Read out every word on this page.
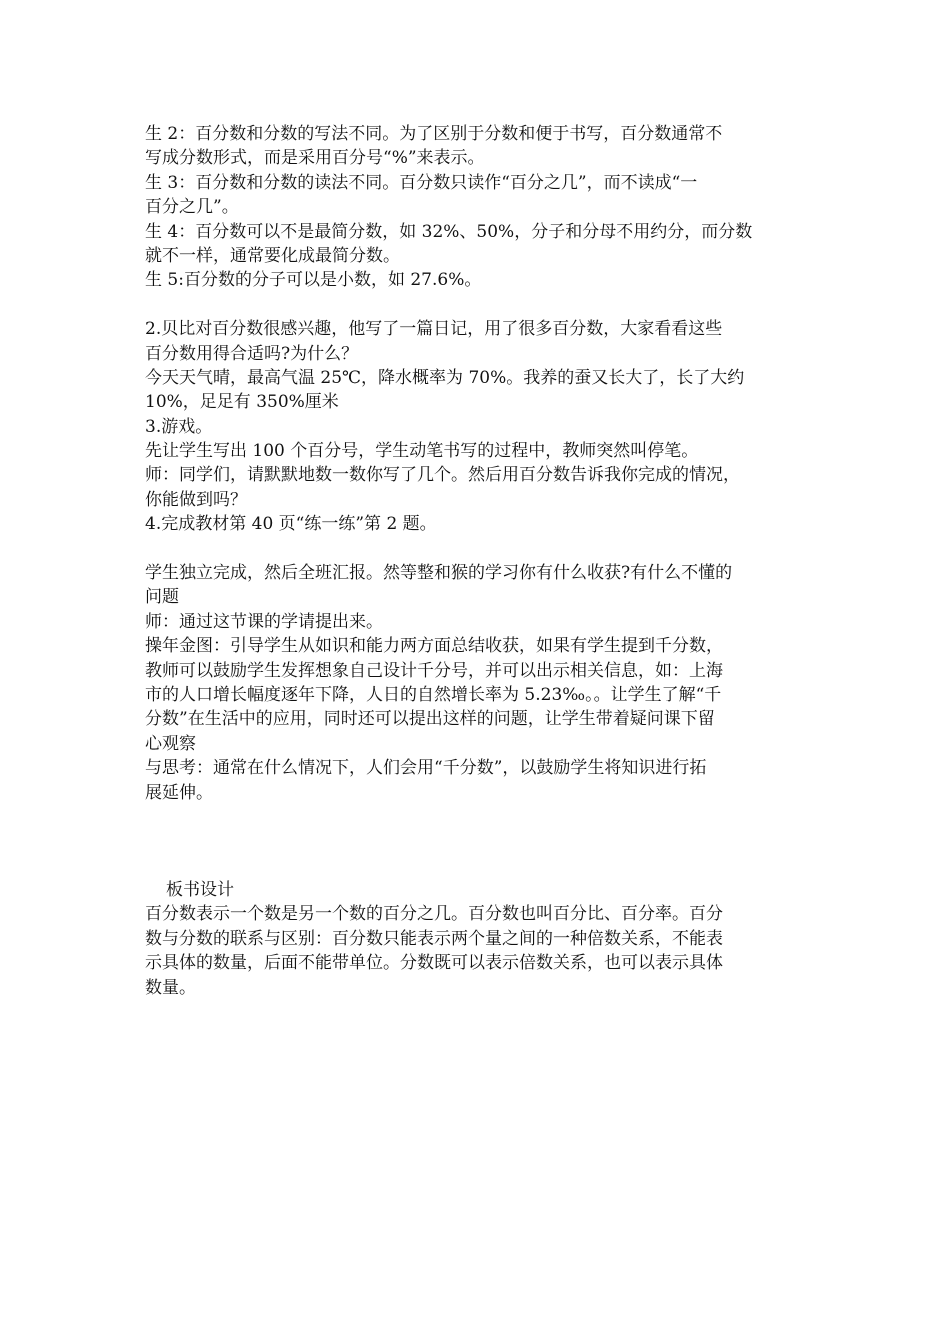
生 2：百分数和分数的写法不同。为了区别于分数和便于书写，百分数通常不
写成分数形式，而是采用百分号“%”来表示。
生 3：百分数和分数的读法不同。百分数只读作“百分之几”，而不读成“一
百分之几”。
生 4：百分数可以不是最简分数，如 32%、50%，分子和分母不用约分，而分数
就不一样，通常要化成最简分数。
生 5:百分数的分子可以是小数，如 27.6%。
2.贝比对百分数很感兴趣，他写了一篇日记，用了很多百分数，大家看看这些
百分数用得合适吗?为什么？
今天天气晴，最高气温 25℃，降水概率为 70%。我养的蚕又长大了，长了大约
10%，足足有 350%厘米
3.游戏。
先让学生写出 100 个百分号，学生动笔书写的过程中，教师突然叫停笔。
师：同学们，请默默地数一数你写了几个。然后用百分数告诉我你完成的情况，
你能做到吗？
4.完成教材第 40 页“练一练”第 2 题。
学生独立完成，然后全班汇报。然等整和猴的学习你有什么收获?有什么不懂的
问题
师：通过这节课的学请提出来。
操年金图：引导学生从如识和能力两方面总结收获，如果有学生提到千分数，
教师可以鼓励学生发挥想象自己设计千分号，并可以出示相关信息，如：上海
市的人口增长幅度逐年下降，人日的自然增长率为 5.23‰。。让学生了解“千
分数”在生活中的应用，同时还可以提出这样的问题，让学生带着疑问课下留
心观察
与思考：通常在什么情况下，人们会用“千分数”，以鼓励学生将知识进行拓
展延伸。
板书设计
百分数表示一个数是另一个数的百分之几。百分数也叫百分比、百分率。百分
数与分数的联系与区别：百分数只能表示两个量之间的一种倍数关系，不能表
示具体的数量，后面不能带单位。分数既可以表示倍数关系，也可以表示具体
数量。
